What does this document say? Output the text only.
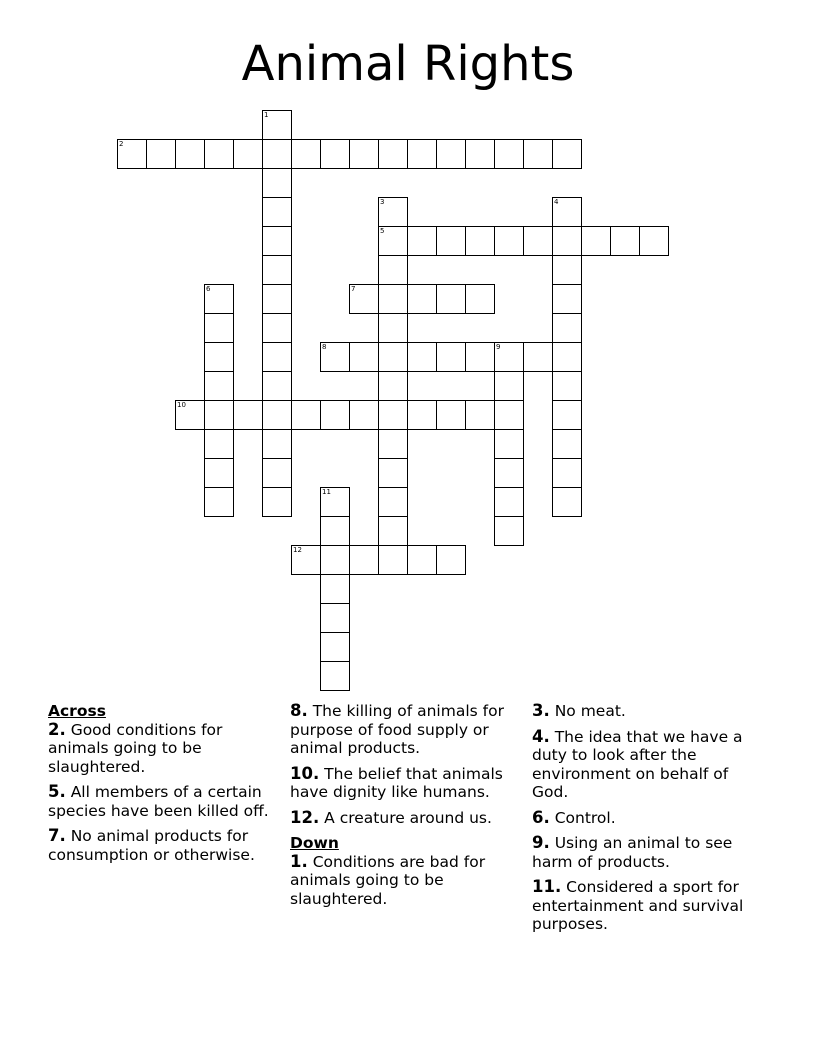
Animal Rights
1
2
3
5
4
6	7
8	9
10
11
12
Across
2. Good conditions for animals going to be slaughtered.
5. All members of a certain species have been killed off.
7. No animal products for consumption or otherwise.
8. The killing of animals for purpose of food supply or animal products.
10. The belief that animals have dignity like humans.
12. A creature around us.
Down
1. Conditions are bad for animals going to be slaughtered.
3. No meat.
4. The idea that we have a duty to look after the environment on behalf of God.
6. Control.
9. Using an animal to see harm of products.
11. Considered a sport for entertainment and survival purposes.
